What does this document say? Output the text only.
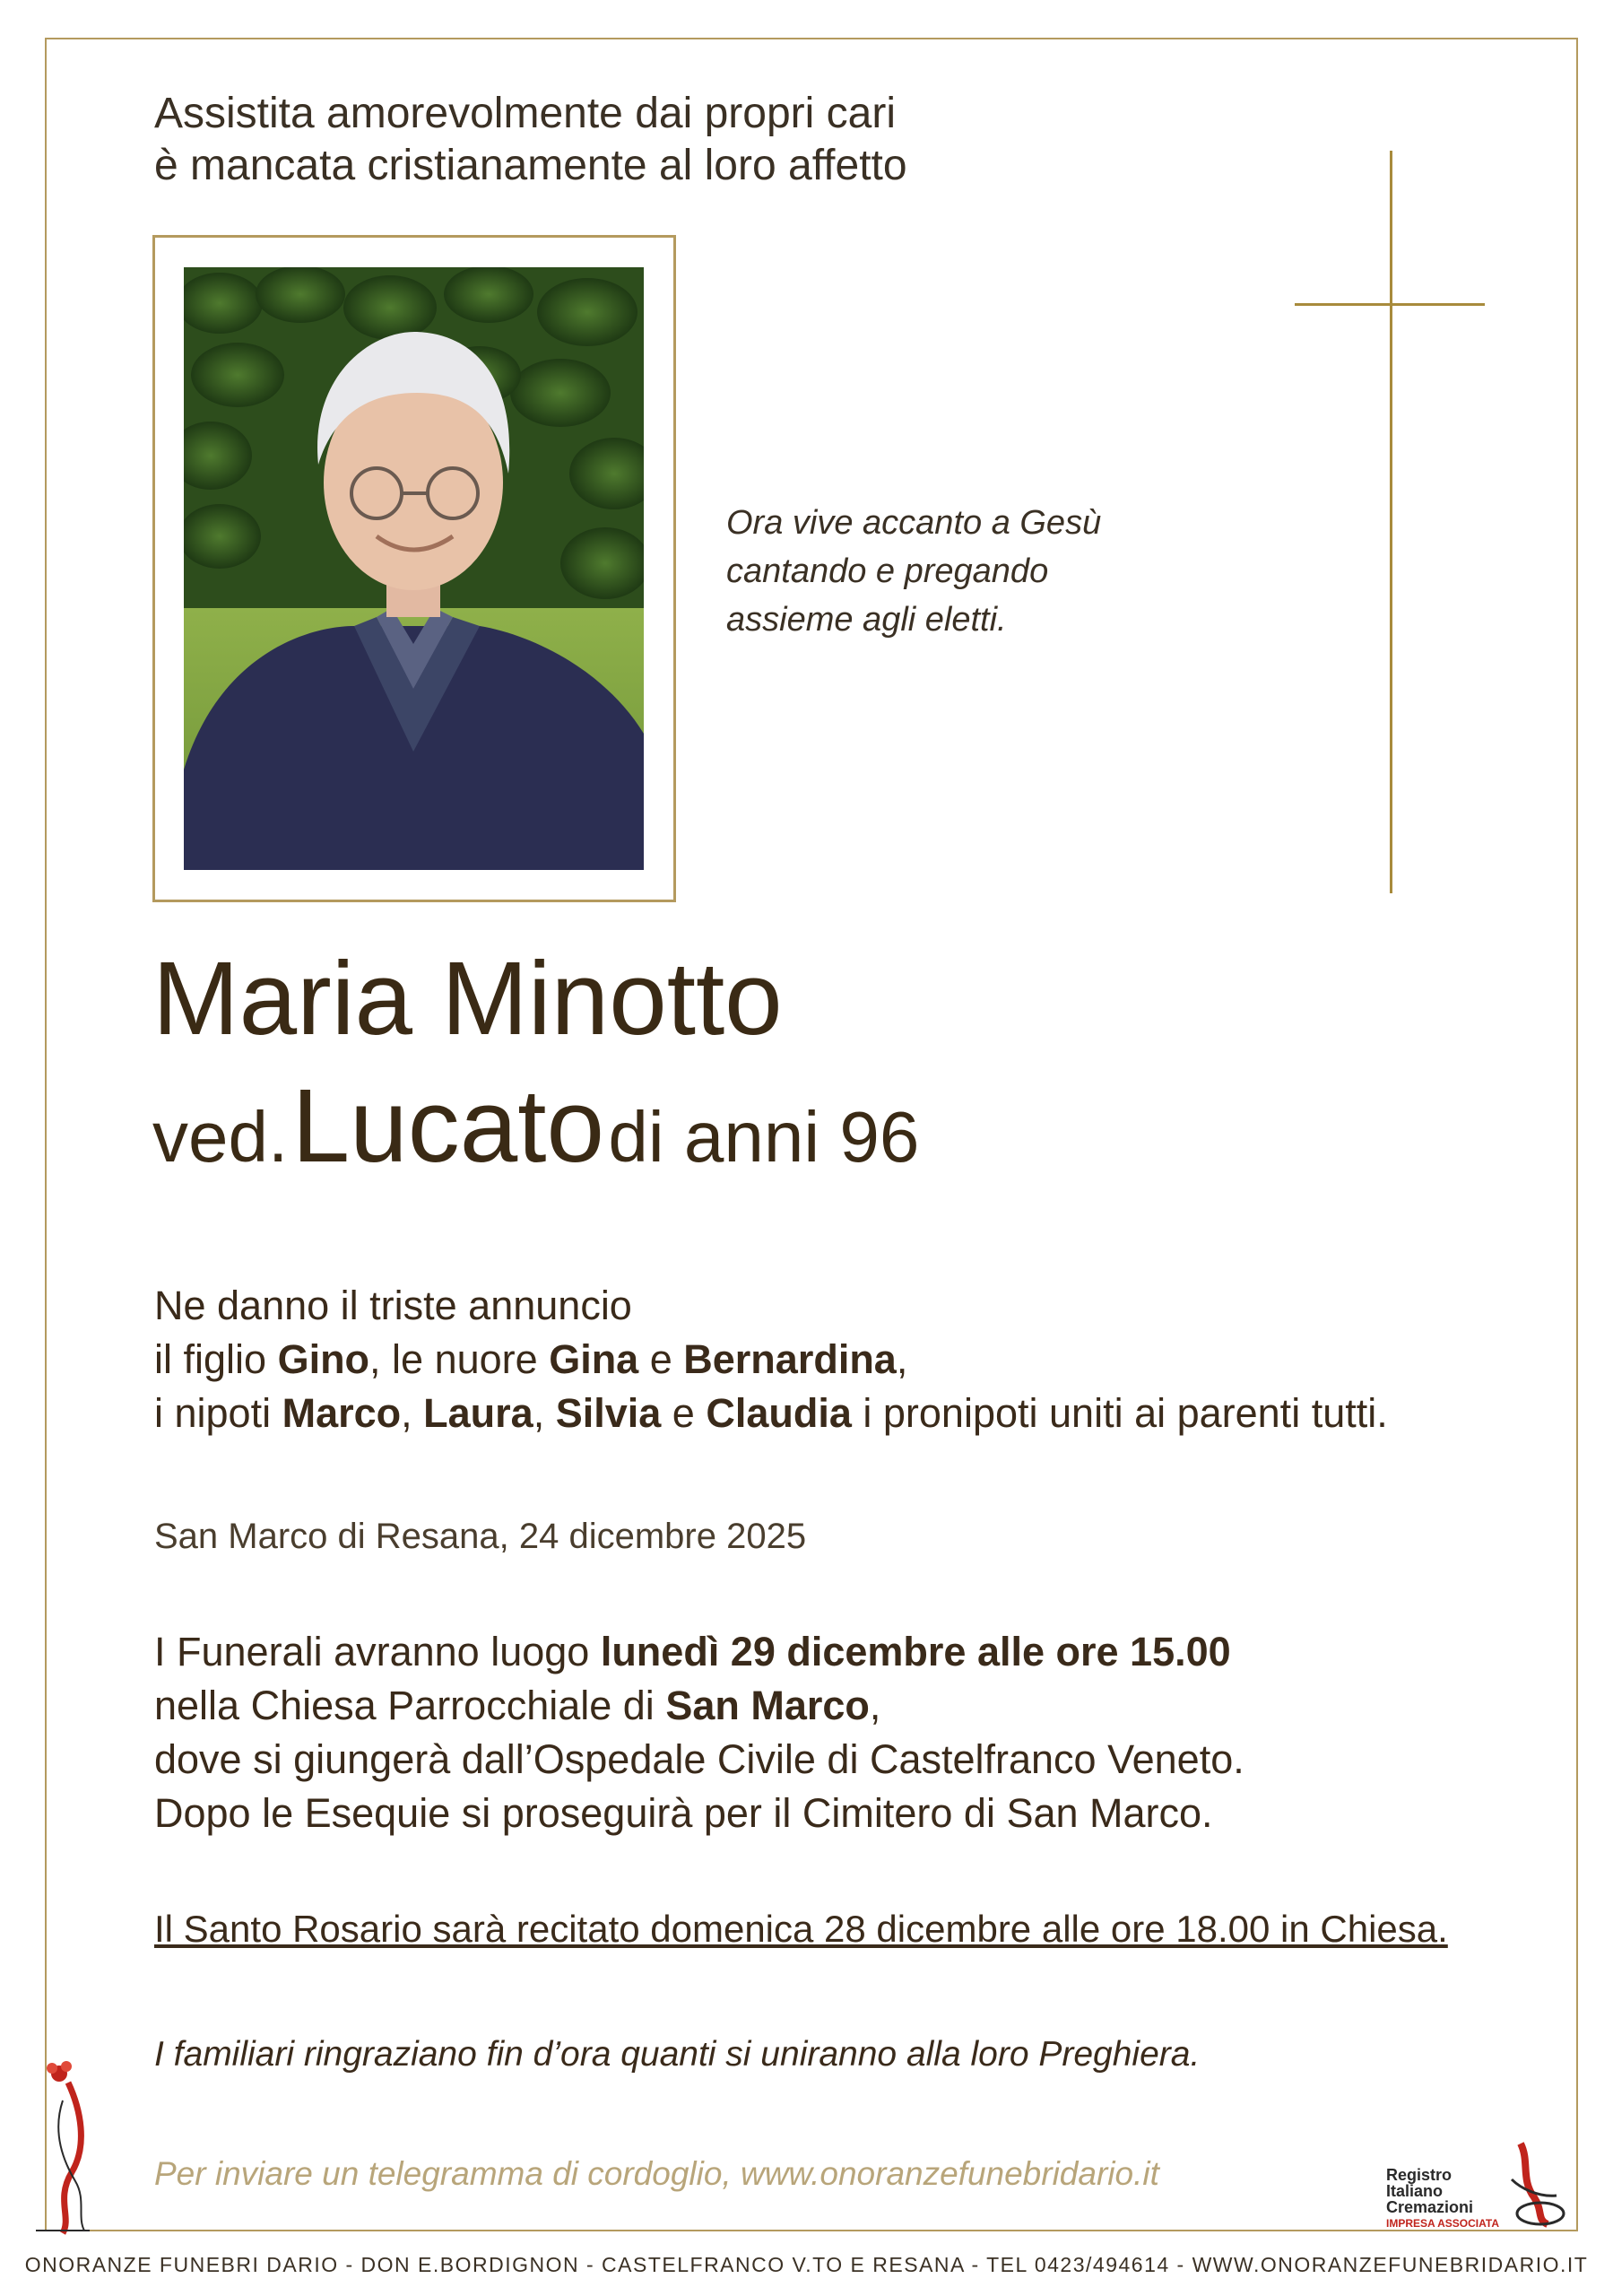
Assistita amorevolmente dai propri cari
è mancata cristianamente al loro affetto
Ora vive accanto a Gesù
cantando e pregando
assieme agli eletti.
Maria Minotto
ved. Lucato di anni 96
Ne danno il triste annuncio
il figlio Gino, le nuore Gina e Bernardina,
i nipoti Marco, Laura, Silvia e Claudia i pronipoti uniti ai parenti tutti.
San Marco di Resana, 24 dicembre 2025
I Funerali avranno luogo lunedì 29 dicembre alle ore 15.00
nella Chiesa Parrocchiale di San Marco,
dove si giungerà dall’Ospedale Civile di Castelfranco Veneto.
Dopo le Esequie si proseguirà per il Cimitero di San Marco.
Il Santo Rosario sarà recitato domenica 28 dicembre alle ore 18.00 in Chiesa.
I familiari ringraziano fin d’ora quanti si uniranno alla loro Preghiera.
Per inviare un telegramma di cordoglio, www.onoranzefunebridario.it	Registro
Italiano
Cremazioni
IMPRESA ASSOCIATA
ONORANZE FUNEBRI DARIO - DON E.BORDIGNON - CASTELFRANCO V.TO E RESANA - TEL 0423/494614 - WWW.ONORANZEFUNEBRIDARIO.IT
